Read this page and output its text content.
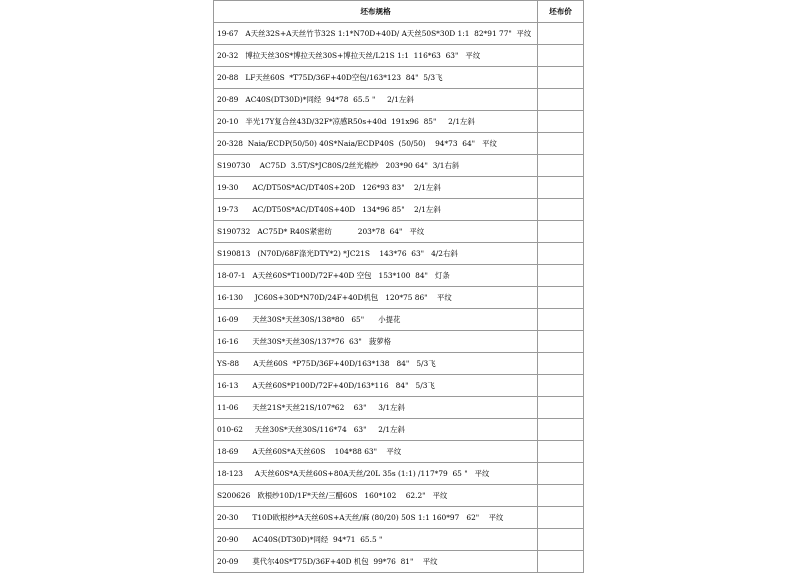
坯布规格	坯布价
19-67   A天丝32S+A天丝竹节32S 1:1*N70D+40D/ A天丝50S*30D 1:1  82*91 77"  平纹	
20-32   博拉天丝30S*博拉天丝30S+博拉天丝/L21S 1:1  116*63  63"   平纹	
20-88   LF天丝60S  *T75D/36F+40D空包/163*123  84"  5/3飞	
20-89   AC40S(DT30D)*同经  94*78  65.5 "     2/1左斜	
20-10   半光17Y复合丝43D/32F*凉感R50s+40d  191x96  85"     2/1左斜	
20-328  Naia/ECDP(50/50) 40S*Naia/ECDP40S  (50/50)    94*73  64"   平纹	
S190730    AC75D  3.5T/S*JC80S/2丝光棉纱   203*90 64"  3/1右斜	
19-30      AC/DT50S*AC/DT40S+20D   126*93 83"    2/1左斜	
19-73      AC/DT50S*AC/DT40S+40D   134*96 85"    2/1左斜	
S190732   AC75D* R40S紧密纺           203*78  64"   平纹	
S190813   (N70D/68F涤光DTY*2) *JC21S    143*76  63"   4/2右斜	
18-07-1   A天丝60S*T100D/72F+40D 空包   153*100  84"   灯条	
16-130     JC60S+30D*N70D/24F+40D机包   120*75 86"    平纹	
16-09      天丝30S*天丝30S/138*80   65"      小提花	
16-16      天丝30S*天丝30S/137*76  63"   菠萝格	
YS-88      A天丝60S  *P75D/36F+40D/163*138   84"   5/3飞	
16-13      A天丝60S*P100D/72F+40D/163*116   84"   5/3飞	
11-06      天丝21S*天丝21S/107*62    63"     3/1左斜	
010-62     天丝30S*天丝30S/116*74   63"     2/1左斜	
18-69      A天丝60S*A天丝60S    104*88 63"    平纹	
18-123     A天丝60S*A天丝60S+80A天丝/20L 35s (1:1) /117*79  65 "   平纹	
S200626   欧根纱10D/1F*天丝/三醋60S   160*102    62.2"   平纹	
20-30      T10D欧根纱*A天丝60S+A天丝/麻 (80/20) 50S 1:1 160*97   62"    平纹	
20-90      AC40S(DT30D)*同经  94*71  65.5 "	
20-09      莫代尔40S*T75D/36F+40D 机包  99*76  81"    平纹	
